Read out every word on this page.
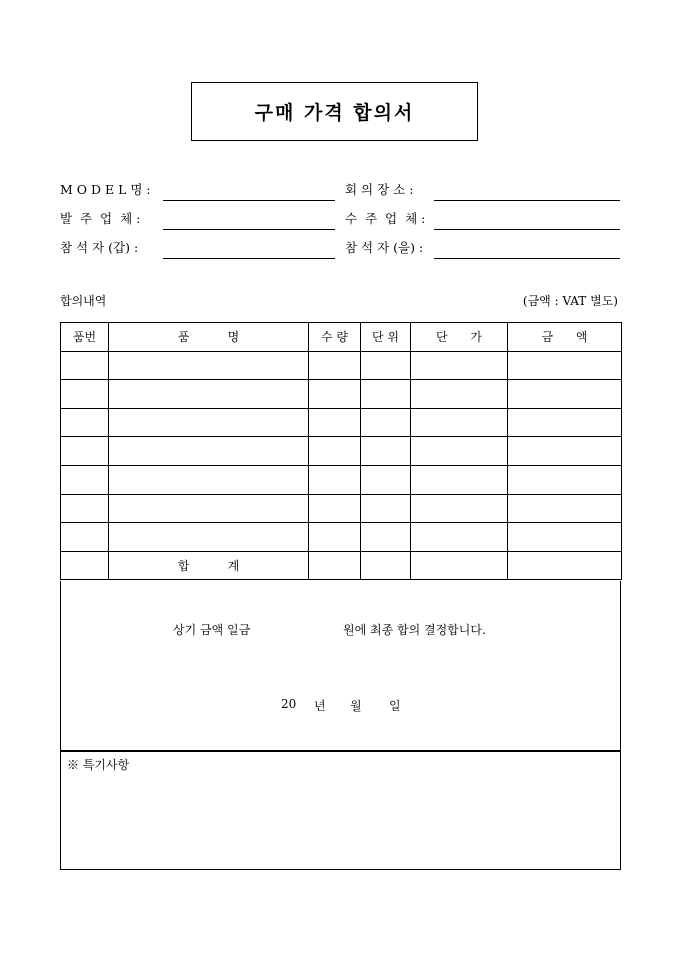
구매 가격 합의서
M O D E L 명 :	회 의 장 소 :
발  주  업  체 :	수  주  업  체 :
참 석 자 (갑) :	참 석 자 (을) :
합의내역	(금액 : VAT 별도)
품번	품          명	수 량	단 위	단      가	금      액

	합          계				
상기 금액 일금	원에 최종 합의 결정합니다.
20 년 월 일
※ 특기사항
